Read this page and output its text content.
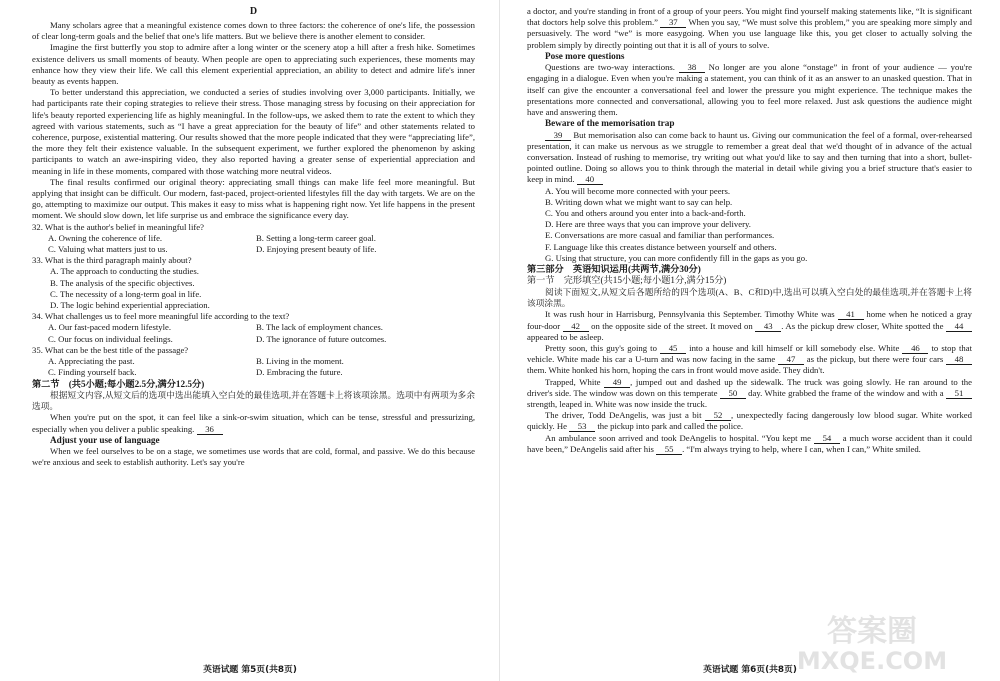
D

Many scholars agree that a meaningful existence comes down to three factors: the coherence of one's life, the possession of clear long-term goals and the belief that one's life matters. But we believe there is another element to consider.

Imagine the first butterfly you stop to admire after a long winter or the scenery atop a hill after a fresh hike. Sometimes existence delivers us small moments of beauty. When people are open to appreciating such experiences, these moments may enhance how they view their life. We call this element experiential appreciation, an ability to detect and admire life's inner beauty as events happen.

To better understand this appreciation, we conducted a series of studies involving over 3,000 participants. Initially, we had participants rate their coping strategies to relieve their stress. Those managing stress by focusing on their appreciation for life's beauty reported experiencing life as highly meaningful. In the follow-ups, we asked them to rate the extent to which they agreed with various statements, such as “I have a great appreciation for the beauty of life” and other statements related to coherence, purpose, existential mattering. Our results showed that the more people indicated that they were “appreciating life”, the more they felt their existence valuable. In the subsequent experiment, we further explored the phenomenon by asking participants to watch an awe-inspiring video, they also reported having a greater sense of experiential appreciation and meaning in life in these moments, compared with those watching more neutral videos.

The final results confirmed our original theory: appreciating small things can make life feel more meaningful. But applying that insight can be difficult. Our modern, fast-paced, project-oriented lifestyles fill the day with targets. We are on the go, attempting to maximize our output. This makes it easy to miss what is happening right now. Yet life happens in the present moment. We should slow down, let life surprise us and embrace the significance every day.

32. What is the author's belief in meaningful life?
A. Owning the coherence of life.	B. Setting a long-term career goal.
C. Valuing what matters just to us.	D. Enjoying present beauty of life.
33. What is the third paragraph mainly about?
A. The approach to conducting the studies.
B. The analysis of the specific objectives.
C. The necessity of a long-term goal in life.
D. The logic behind experiential appreciation.
34. What challenges us to feel more meaningful life according to the text?
A. Our fast-paced modern lifestyle.	B. The lack of employment chances.
C. Our focus on individual feelings.	D. The ignorance of future outcomes.
35. What can be the best title of the passage?
A. Appreciating the past.	B. Living in the moment.
C. Finding yourself back.	D. Embracing the future.

第二节　(共5小题;每小题2.5分,满分12.5分)

根据短文内容,从短文后的选项中选出能填入空白处的最佳选项,并在答题卡上将该项涂黑。选项中有两项为多余选项。

When you're put on the spot, it can feel like a sink-or-swim situation, which can be tense, stressful and pressurizing, especially when you deliver a public speaking. 36

Adjust your use of language

When we feel ourselves to be on a stage, we sometimes use words that are cold, formal, and passive. We do this because we're anxious and seek to establish authority. Let's say you're

英语试题 第5页(共8页)

a doctor, and you're standing in front of a group of your peers. You might find yourself making statements like, “It is significant that doctors help solve this problem.” 37 When you say, “We must solve this problem,” you are speaking more simply and persuasively. The word “we” is more easygoing. When you use language like this, you get closer to actually solving the problem simply by directly pointing out that it is all of yours to solve.

Pose more questions

Questions are two-way interactions. 38 No longer are you alone “onstage” in front of your audience — you're engaging in a dialogue. Even when you're making a statement, you can think of it as an answer to an unasked question. That in itself can give the encounter a conversational feel and lower the pressure you might experience. The technique makes the presentations more connected and conversational, allowing you to feel more relaxed. Just ask questions the audience might have and answering them.

Beware of the memorisation trap

39 But memorisation also can come back to haunt us. Giving our communication the feel of a formal, over-rehearsed presentation, it can make us nervous as we struggle to remember a great deal that we'd thought of in advance of the actual conversation. Instead of rushing to memorise, try writing out what you'd like to say and then turning that into a short, bullet-pointed outline. Doing so allows you to think through the material in detail while giving you a brief structure that's easier to keep in mind. 40

A. You will become more connected with your peers.
B. Writing down what we might want to say can help.
C. You and others around you enter into a back-and-forth.
D. Here are three ways that you can improve your delivery.
E. Conversations are more casual and familiar than performances.
F. Language like this creates distance between yourself and others.
G. Using that structure, you can more confidently fill in the gaps as you go.

第三部分　英语知识运用(共两节,满分30分)

第一节　完形填空(共15小题;每小题1分,满分15分)

阅读下面短文,从短文后各题所给的四个选项(A、B、C和D)中,选出可以填入空白处的最佳选项,并在答题卡上将该项涂黑。

It was rush hour in Harrisburg, Pennsylvania this September. Timothy White was 41 home when he noticed a gray four-door 42 on the opposite side of the street. It moved on 43 . As the pickup drew closer, White spotted the 44 appeared to be asleep.

Pretty soon, this guy's going to 45 into a house and kill himself or kill somebody else. White 46 to stop that vehicle. White made his car a U-turn and was now facing in the same 47 as the pickup, but there were four cars 48 them. White honked his horn, hoping the cars in front would move aside. They didn't.

Trapped, White 49 , jumped out and dashed up the sidewalk. The truck was going slowly. He ran around to the driver's side. The window was down on this temperate 50 day. White grabbed the frame of the window and with a 51 strength, leaped in. White was now inside the truck.

The driver, Todd DeAngelis, was just a bit 52 , unexpectedly facing dangerously low blood sugar. White worked quickly. He 53 the pickup into park and called the police.

An ambulance soon arrived and took DeAngelis to hospital. “You kept me 54 a much worse accident than it could have been,” DeAngelis said after his 55 . “I'm always trying to help, where I can, when I can,” White smiled.

英语试题 第6页(共8页)
答案圈
MXQE.COM
